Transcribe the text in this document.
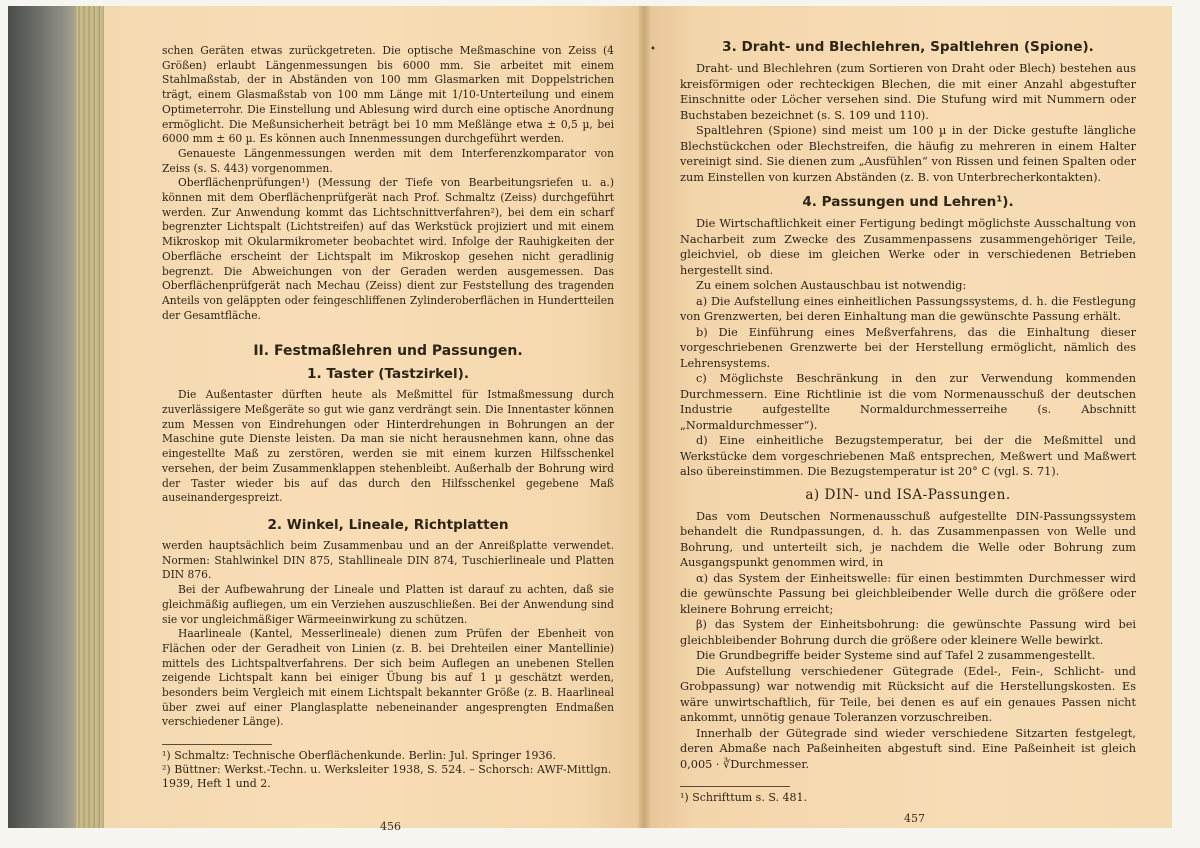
schen Geräten etwas zurückgetreten. Die optische Meßmaschine von Zeiss (4 Größen) erlaubt Längenmessungen bis 6000 mm. Sie arbeitet mit einem Stahlmaßstab, der in Abständen von 100 mm Glasmarken mit Doppelstrichen trägt, einem Glasmaßstab von 100 mm Länge mit 1/10-Unterteilung und einem Optimeterrohr. Die Einstellung und Ablesung wird durch eine optische Anordnung ermöglicht. Die Meßunsicherheit beträgt bei 10 mm Meßlänge etwa ± 0,5 µ, bei 6000 mm ± 60 µ. Es können auch Innenmessungen durchgeführt werden.

Genaueste Längenmessungen werden mit dem Interferenzkomparator von Zeiss (s. S. 443) vorgenommen.

Oberflächenprüfungen¹) (Messung der Tiefe von Bearbeitungsriefen u. a.) können mit dem Oberflächenprüfgerät nach Prof. Schmaltz (Zeiss) durchgeführt werden. Zur Anwendung kommt das Lichtschnittverfahren²), bei dem ein scharf begrenzter Lichtspalt (Lichtstreifen) auf das Werkstück projiziert und mit einem Mikroskop mit Okularmikrometer beobachtet wird. Infolge der Rauhigkeiten der Oberfläche erscheint der Lichtspalt im Mikroskop gesehen nicht geradlinig begrenzt. Die Abweichungen von der Geraden werden ausgemessen. Das Oberflächenprüfgerät nach Mechau (Zeiss) dient zur Feststellung des tragenden Anteils von geläppten oder feingeschliffenen Zylinderoberflächen in Hundertteilen der Gesamtfläche.

II. Festmaßlehren und Passungen.
1. Taster (Tastzirkel).

Die Außentaster dürften heute als Meßmittel für Istmaßmessung durch zuverlässigere Meßgeräte so gut wie ganz verdrängt sein. Die Innentaster können zum Messen von Eindrehungen oder Hinterdrehungen in Bohrungen an der Maschine gute Dienste leisten. Da man sie nicht herausnehmen kann, ohne das eingestellte Maß zu zerstören, werden sie mit einem kurzen Hilfsschenkel versehen, der beim Zusammenklappen stehenbleibt. Außerhalb der Bohrung wird der Taster wieder bis auf das durch den Hilfsschenkel gegebene Maß auseinandergespreizt.

2. Winkel, Lineale, Richtplatten

werden hauptsächlich beim Zusammenbau und an der Anreißplatte verwendet. Normen: Stahlwinkel DIN 875, Stahllineale DIN 874, Tuschierlineale und Platten DIN 876.

Bei der Aufbewahrung der Lineale und Platten ist darauf zu achten, daß sie gleichmäßig aufliegen, um ein Verziehen auszuschließen. Bei der Anwendung sind sie vor ungleichmäßiger Wärmeeinwirkung zu schützen.

Haarlineale (Kantel, Messerlineale) dienen zum Prüfen der Ebenheit von Flächen oder der Geradheit von Linien (z. B. bei Drehteilen einer Mantellinie) mittels des Lichtspaltverfahrens. Der sich beim Auflegen an unebenen Stellen zeigende Lichtspalt kann bei einiger Übung bis auf 1 µ geschätzt werden, besonders beim Vergleich mit einem Lichtspalt bekannter Größe (z. B. Haarlineal über zwei auf einer Planglasplatte nebeneinander angesprengten Endmaßen verschiedener Länge).

¹) Schmaltz: Technische Oberflächenkunde. Berlin: Jul. Springer 1936.

²) Büttner: Werkst.-Techn. u. Werksleiter 1938, S. 524. – Schorsch: AWF-Mittlgn. 1939, Heft 1 und 2.

456
•	3. Draht- und Blechlehren, Spaltlehren (Spione).

Draht- und Blechlehren (zum Sortieren von Draht oder Blech) bestehen aus kreisförmigen oder rechteckigen Blechen, die mit einer Anzahl abgestufter Einschnitte oder Löcher versehen sind. Die Stufung wird mit Nummern oder Buchstaben bezeichnet (s. S. 109 und 110).

Spaltlehren (Spione) sind meist um 100 µ in der Dicke gestufte längliche Blechstückchen oder Blechstreifen, die häufig zu mehreren in einem Halter vereinigt sind. Sie dienen zum „Ausfühlen“ von Rissen und feinen Spalten oder zum Einstellen von kurzen Abständen (z. B. von Unterbrecherkontakten).

4. Passungen und Lehren¹).

Die Wirtschaftlichkeit einer Fertigung bedingt möglichste Ausschaltung von Nacharbeit zum Zwecke des Zusammenpassens zusammengehöriger Teile, gleichviel, ob diese im gleichen Werke oder in verschiedenen Betrieben hergestellt sind.

Zu einem solchen Austauschbau ist notwendig:

a) Die Aufstellung eines einheitlichen Passungssystems, d. h. die Festlegung von Grenzwerten, bei deren Einhaltung man die gewünschte Passung erhält.

b) Die Einführung eines Meßverfahrens, das die Einhaltung dieser vorgeschriebenen Grenzwerte bei der Herstellung ermöglicht, nämlich des Lehrensystems.

c) Möglichste Beschränkung in den zur Verwendung kommenden Durchmessern. Eine Richtlinie ist die vom Normenausschuß der deutschen Industrie aufgestellte Normaldurchmesserreihe (s. Abschnitt „Normaldurchmesser“).

d) Eine einheitliche Bezugstemperatur, bei der die Meßmittel und Werkstücke dem vorgeschriebenen Maß entsprechen, Meßwert und Maßwert also übereinstimmen. Die Bezugstemperatur ist 20° C (vgl. S. 71).

a) DIN- und ISA-Passungen.

Das vom Deutschen Normenausschuß aufgestellte DIN-Passungssystem behandelt die Rundpassungen, d. h. das Zusammenpassen von Welle und Bohrung, und unterteilt sich, je nachdem die Welle oder Bohrung zum Ausgangspunkt genommen wird, in

α) das System der Einheitswelle: für einen bestimmten Durchmesser wird die gewünschte Passung bei gleichbleibender Welle durch die größere oder kleinere Bohrung erreicht;

β) das System der Einheitsbohrung: die gewünschte Passung wird bei gleichbleibender Bohrung durch die größere oder kleinere Welle bewirkt.

Die Grundbegriffe beider Systeme sind auf Tafel 2 zusammengestellt.

Die Aufstellung verschiedener Gütegrade (Edel-, Fein-, Schlicht- und Grobpassung) war notwendig mit Rücksicht auf die Herstellungskosten. Es wäre unwirtschaftlich, für Teile, bei denen es auf ein genaues Passen nicht ankommt, unnötig genaue Toleranzen vorzuschreiben.

Innerhalb der Gütegrade sind wieder verschiedene Sitzarten festgelegt, deren Abmaße nach Paßeinheiten abgestuft sind. Eine Paßeinheit ist gleich 0,005 · ∛Durchmesser.

¹) Schrifttum s. S. 481.

457
